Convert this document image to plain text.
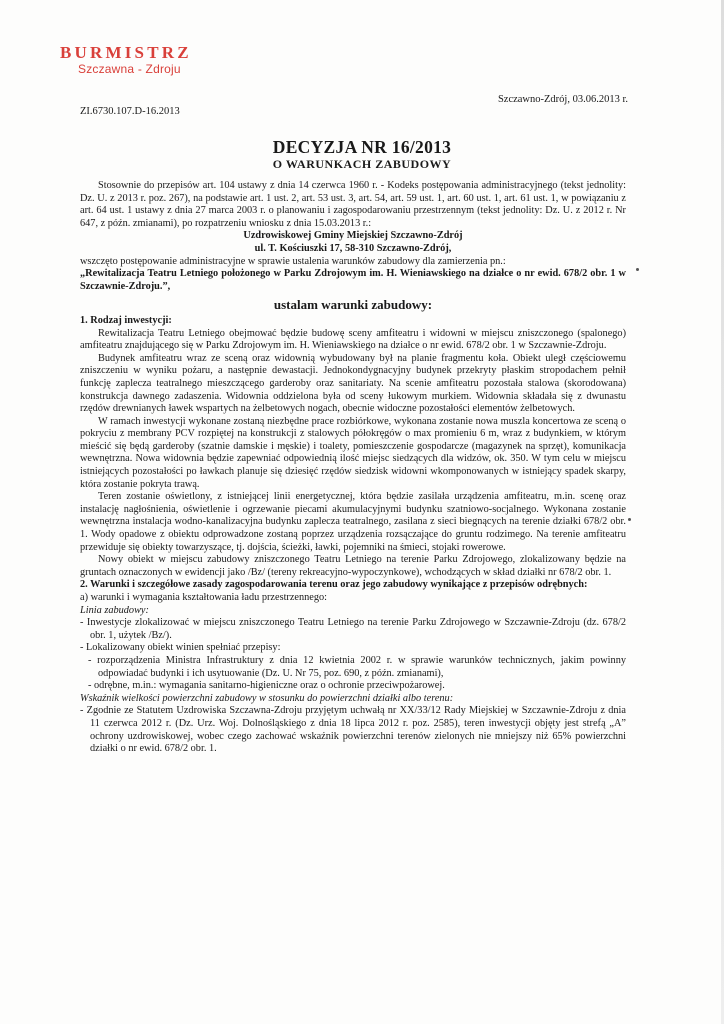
BURMISTRZ
Szczawna - Zdroju
Szczawno-Zdrój, 03.06.2013 r.
ZI.6730.107.D-16.2013
DECYZJA NR 16/2013
O WARUNKACH ZABUDOWY

Stosownie do przepisów art. 104 ustawy z dnia 14 czerwca 1960 r. - Kodeks postępowania administracyjnego (tekst jednolity: Dz. U. z 2013 r. poz. 267), na podstawie art. 1 ust. 2, art. 53 ust. 3, art. 54, art. 59 ust. 1, art. 60 ust. 1, art. 61 ust. 1, w powiązaniu z art. 64 ust. 1 ustawy z dnia 27 marca 2003 r. o planowaniu i zagospodarowaniu przestrzennym (tekst jednolity: Dz. U. z 2012 r. Nr 647, z późn. zmianami), po rozpatrzeniu wniosku z dnia 15.03.2013 r.:

Uzdrowiskowej Gminy Miejskiej Szczawno-Zdrój

ul. T. Kościuszki 17, 58-310 Szczawno-Zdrój,

wszczęto postępowanie administracyjne w sprawie ustalenia warunków zabudowy dla zamierzenia pn.:

„Rewitalizacja Teatru Letniego położonego w Parku Zdrojowym im. H. Wieniawskiego na działce o nr ewid. 678/2 obr. 1 w Szczawnie-Zdroju.”,

ustalam warunki zabudowy:

1. Rodzaj inwestycji:

Rewitalizacja Teatru Letniego obejmować będzie budowę sceny amfiteatru i widowni w miejscu zniszczonego (spalonego) amfiteatru znajdującego się w Parku Zdrojowym im. H. Wieniawskiego na działce o nr ewid. 678/2 obr. 1 w Szczawnie-Zdroju.

Budynek amfiteatru wraz ze sceną oraz widownią wybudowany był na planie fragmentu koła. Obiekt uległ częściowemu zniszczeniu w wyniku pożaru, a następnie dewastacji. Jednokondygnacyjny budynek przekryty płaskim stropodachem pełnił funkcję zaplecza teatralnego mieszczącego garderoby oraz sanitariaty. Na scenie amfiteatru pozostała stalowa (skorodowana) konstrukcja dawnego zadaszenia. Widownia oddzielona była od sceny łukowym murkiem. Widownia składała się z dwunastu rzędów drewnianych ławek wspartych na żelbetowych nogach, obecnie widoczne pozostałości elementów żelbetowych.

W ramach inwestycji wykonane zostaną niezbędne prace rozbiórkowe, wykonana zostanie nowa muszla koncertowa ze sceną o pokryciu z membrany PCV rozpiętej na konstrukcji z stalowych półokręgów o max promieniu 6 m, wraz z budynkiem, w którym mieścić się będą garderoby (szatnie damskie i męskie) i toalety, pomieszczenie gospodarcze (magazynek na sprzęt), komunikacja wewnętrzna. Nowa widownia będzie zapewniać odpowiednią ilość miejsc siedzących dla widzów, ok. 350. W tym celu w miejscu istniejących pozostałości po ławkach planuje się dziesięć rzędów siedzisk widowni wkomponowanych w istniejący spadek skarpy, która zostanie pokryta trawą.

Teren zostanie oświetlony, z istniejącej linii energetycznej, która będzie zasilała urządzenia amfiteatru, m.in. scenę oraz instalację nagłośnienia, oświetlenie i ogrzewanie piecami akumulacyjnymi budynku szatniowo-socjalnego. Wykonana zostanie wewnętrzna instalacja wodno-kanalizacyjna budynku zaplecza teatralnego, zasilana z sieci biegnących na terenie działki 678/2 obr. 1. Wody opadowe z obiektu odprowadzone zostaną poprzez urządzenia rozsączające do gruntu rodzimego. Na terenie amfiteatru przewiduje się obiekty towarzyszące, tj. dojścia, ścieżki, ławki, pojemniki na śmieci, stojaki rowerowe.

Nowy obiekt w miejscu zabudowy zniszczonego Teatru Letniego na terenie Parku Zdrojowego, zlokalizowany będzie na gruntach oznaczonych w ewidencji jako /Bz/ (tereny rekreacyjno-wypoczynkowe), wchodzących w skład działki nr 678/2 obr. 1.

2. Warunki i szczegółowe zasady zagospodarowania terenu oraz jego zabudowy wynikające z przepisów odrębnych:

a) warunki i wymagania kształtowania ładu przestrzennego:

Linia zabudowy:

- Inwestycje zlokalizować w miejscu zniszczonego Teatru Letniego na terenie Parku Zdrojowego w Szczawnie-Zdroju (dz. 678/2 obr. 1, użytek /Bz/).

- Lokalizowany obiekt winien spełniać przepisy:

- rozporządzenia Ministra Infrastruktury z dnia 12 kwietnia 2002 r. w sprawie warunków technicznych, jakim powinny odpowiadać budynki i ich usytuowanie (Dz. U. Nr 75, poz. 690, z późn. zmianami),

- odrębne, m.in.: wymagania sanitarno-higieniczne oraz o ochronie przeciwpożarowej.

Wskaźnik wielkości powierzchni zabudowy w stosunku do powierzchni działki albo terenu:

- Zgodnie ze Statutem Uzdrowiska Szczawna-Zdroju przyjętym uchwałą nr XX/33/12 Rady Miejskiej w Szczawnie-Zdroju z dnia 11 czerwca 2012 r. (Dz. Urz. Woj. Dolnośląskiego z dnia 18 lipca 2012 r. poz. 2585), teren inwestycji objęty jest strefą „A” ochrony uzdrowiskowej, wobec czego zachować wskaźnik powierzchni terenów zielonych nie mniejszy niż 65% powierzchni działki o nr ewid. 678/2 obr. 1.
